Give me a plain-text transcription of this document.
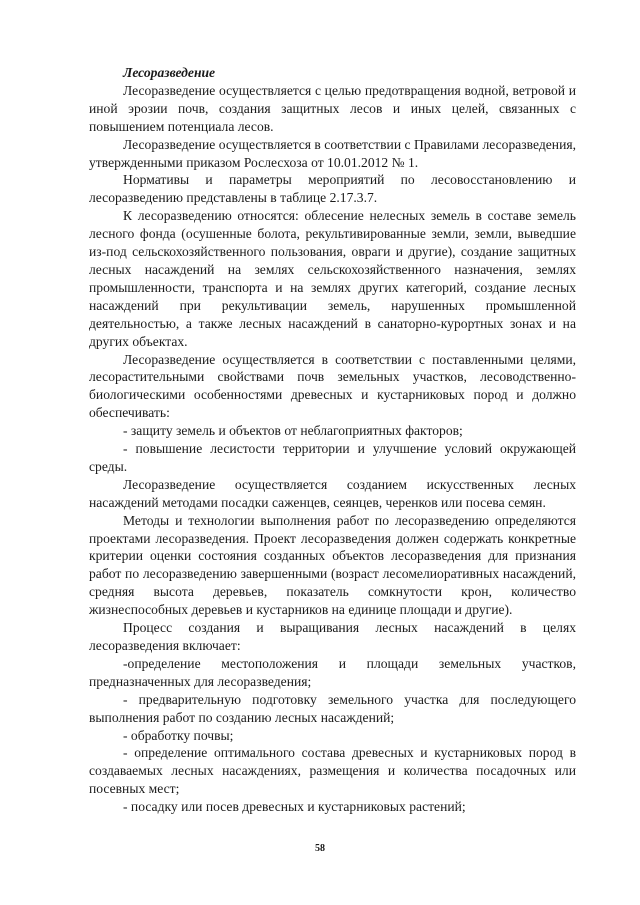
Лесоразведение

Лесоразведение осуществляется с целью предотвращения водной, ветровой и иной эрозии почв, создания защитных лесов и иных целей, связанных с повышением потенциала лесов.

Лесоразведение осуществляется в соответствии с Правилами лесоразведения, утвержденными приказом Рослесхоза от 10.01.2012 № 1.

Нормативы и параметры мероприятий по лесовосстановлению и лесоразведению представлены в таблице 2.17.3.7.

К лесоразведению относятся: облесение нелесных земель в составе земель лесного фонда (осушенные болота, рекультивированные земли, земли, выведшие из-под сельскохозяйственного пользования, овраги и другие), создание защитных лесных насаждений на землях сельскохозяйственного назначения, землях промышленности, транспорта и на землях других категорий, создание лесных насаждений при рекультивации земель, нарушенных промышленной деятельностью, а также лесных насаждений в санаторно-курортных зонах и на других объектах.

Лесоразведение осуществляется в соответствии с поставленными целями, лесорастительными свойствами почв земельных участков, лесоводственно-биологическими особенностями древесных и кустарниковых пород и должно обеспечивать:

- защиту земель и объектов от неблагоприятных факторов;

- повышение лесистости территории и улучшение условий окружающей среды.

Лесоразведение осуществляется созданием искусственных лесных насаждений методами посадки саженцев, сеянцев, черенков или посева семян.

Методы и технологии выполнения работ по лесоразведению определяются проектами лесоразведения. Проект лесоразведения должен содержать конкретные критерии оценки состояния созданных объектов лесоразведения для признания работ по лесоразведению завершенными (возраст лесомелиоративных насаждений, средняя высота деревьев, показатель сомкнутости крон, количество жизнеспособных деревьев и кустарников на единице площади и другие).

Процесс создания и выращивания лесных насаждений в целях лесоразведения включает:

-определение местоположения и площади земельных участков, предназначенных для лесоразведения;

- предварительную подготовку земельного участка для последующего выполнения работ по созданию лесных насаждений;

- обработку почвы;

- определение оптимального состава древесных и кустарниковых пород в создаваемых лесных насаждениях, размещения и количества посадочных или посевных мест;

- посадку или посев древесных и кустарниковых растений;

58
